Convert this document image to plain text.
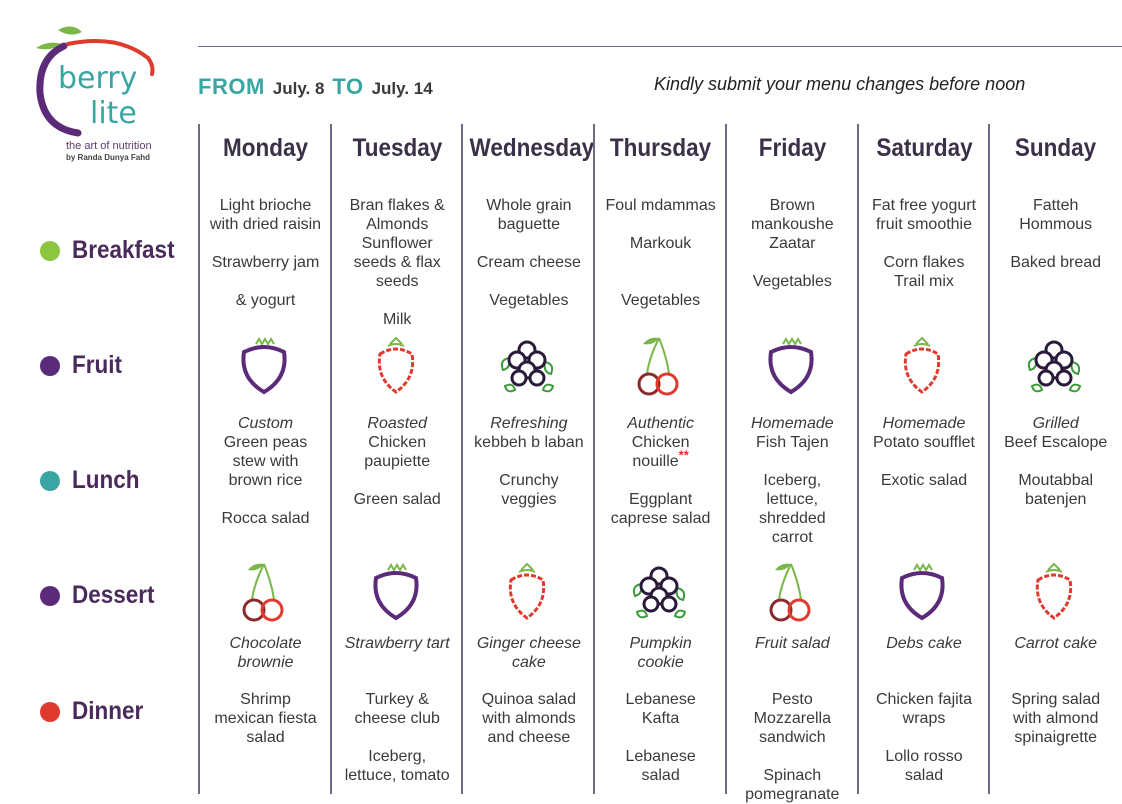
berry
lite
the art of nutrition
by Randa Dunya Fahd
FROM July. 8 TO July. 14	Kindly submit your menu changes before noon
Breakfast
Fruit
Lunch
Dessert
Dinner
Monday
Light brioche
with dried raisin
Strawberry jam
& yogurt
Custom
Green peas
stew with
brown rice
Rocca salad
Chocolate
brownie
Shrimp
mexican fiesta
salad
Tuesday
Bran flakes &
Almonds
Sunflower
seeds & flax
seeds
Milk
Roasted
Chicken
paupiette
Green salad
Strawberry tart
Turkey &
cheese club
Iceberg,
lettuce, tomato
Wednesday
Whole grain
baguette
Cream cheese
Vegetables
Refreshing
kebbeh b laban
Crunchy
veggies
Ginger cheese
cake
Quinoa salad
with almonds
and cheese
Thursday
Foul mdammas
Markouk
Vegetables
Authentic
Chicken
nouille**
Eggplant
caprese salad
Pumpkin
cookie
Lebanese
Kafta
Lebanese
salad
Friday
Brown
mankoushe
Zaatar
Vegetables
Homemade
Fish Tajen
Iceberg,
lettuce,
shredded
carrot
Fruit salad
Pesto
Mozzarella
sandwich
Spinach
pomegranate
Saturday
Fat free yogurt
fruit smoothie
Corn flakes
Trail mix
Homemade
Potato soufflet
Exotic salad
Debs cake
Chicken fajita
wraps
Lollo rosso
salad
Sunday
Fatteh
Hommous
Baked bread
Grilled
Beef Escalope
Moutabbal
batenjen
Carrot cake
Spring salad
with almond
spinaigrette
